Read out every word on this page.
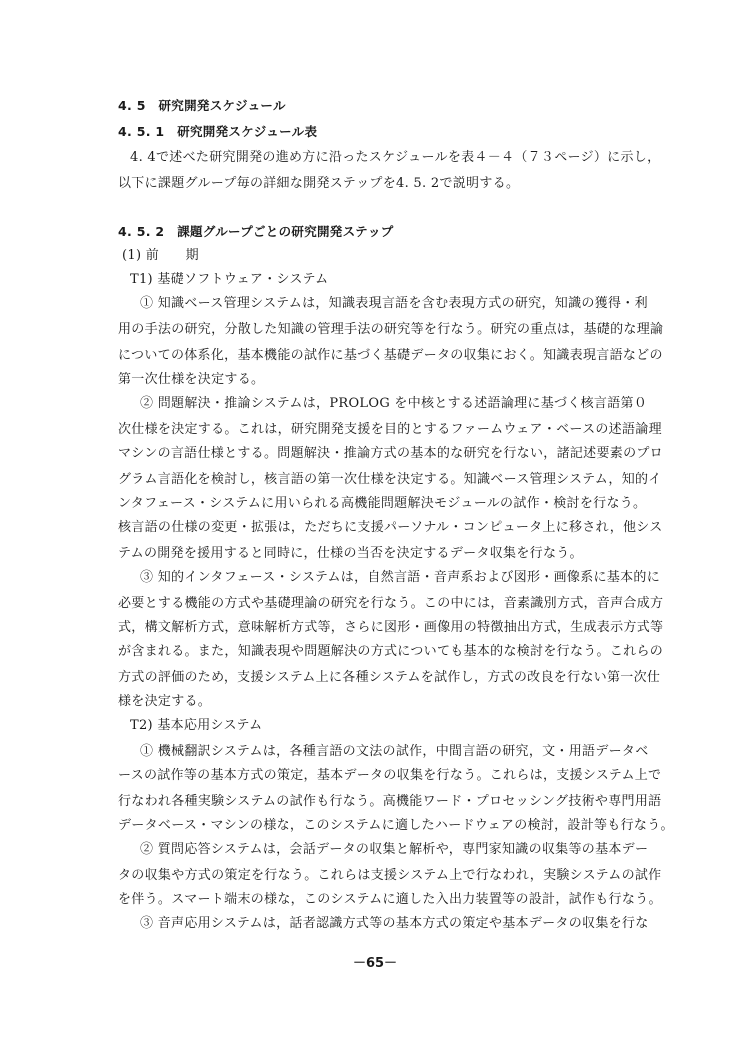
4. 5　研究開発スケジュール
4. 5. 1　研究開発スケジュール表
4. 4で述べた研究開発の進め方に沿ったスケジュールを表４－４（７３ページ）に示し，
以下に課題グループ毎の詳細な開発ステップを4. 5. 2で説明する。
4. 5. 2　課題グループごとの研究開発ステップ
(1) 前　　期
T1) 基礎ソフトウェア・システム
① 知識ベース管理システムは，知識表現言語を含む表現方式の研究，知識の獲得・利
用の手法の研究，分散した知識の管理手法の研究等を行なう。研究の重点は，基礎的な理論
についての体系化，基本機能の試作に基づく基礎データの収集におく。知識表現言語などの
第一次仕様を決定する。
② 問題解決・推論システムは，PROLOG を中核とする述語論理に基づく核言語第０
次仕様を決定する。これは，研究開発支援を目的とするファームウェア・ベースの述語論理
マシンの言語仕様とする。問題解決・推論方式の基本的な研究を行ない，諸記述要素のプロ
グラム言語化を検討し，核言語の第一次仕様を決定する。知識ベース管理システム，知的イ
ンタフェース・システムに用いられる高機能問題解決モジュールの試作・検討を行なう。
核言語の仕様の変更・拡張は，ただちに支援パーソナル・コンピュータ上に移され，他シス
テムの開発を援用すると同時に，仕様の当否を決定するデータ収集を行なう。
③ 知的インタフェース・システムは，自然言語・音声系および図形・画像系に基本的に
必要とする機能の方式や基礎理論の研究を行なう。この中には，音素識別方式，音声合成方
式，構文解析方式，意味解析方式等，さらに図形・画像用の特徴抽出方式，生成表示方式等
が含まれる。また，知識表現や問題解決の方式についても基本的な検討を行なう。これらの
方式の評価のため，支援システム上に各種システムを試作し，方式の改良を行ない第一次仕
様を決定する。
T2) 基本応用システム
① 機械翻訳システムは，各種言語の文法の試作，中間言語の研究，文・用語データベ
ースの試作等の基本方式の策定，基本データの収集を行なう。これらは，支援システム上で
行なわれ各種実験システムの試作も行なう。高機能ワード・プロセッシング技術や専門用語
データベース・マシンの様な，このシステムに適したハードウェアの検討，設計等も行なう。
② 質問応答システムは，会話データの収集と解析や，専門家知識の収集等の基本デー
タの収集や方式の策定を行なう。これらは支援システム上で行なわれ，実験システムの試作
を伴う。スマート端末の様な，このシステムに適した入出力装置等の設計，試作も行なう。
③ 音声応用システムは，話者認識方式等の基本方式の策定や基本データの収集を行な
－65－
